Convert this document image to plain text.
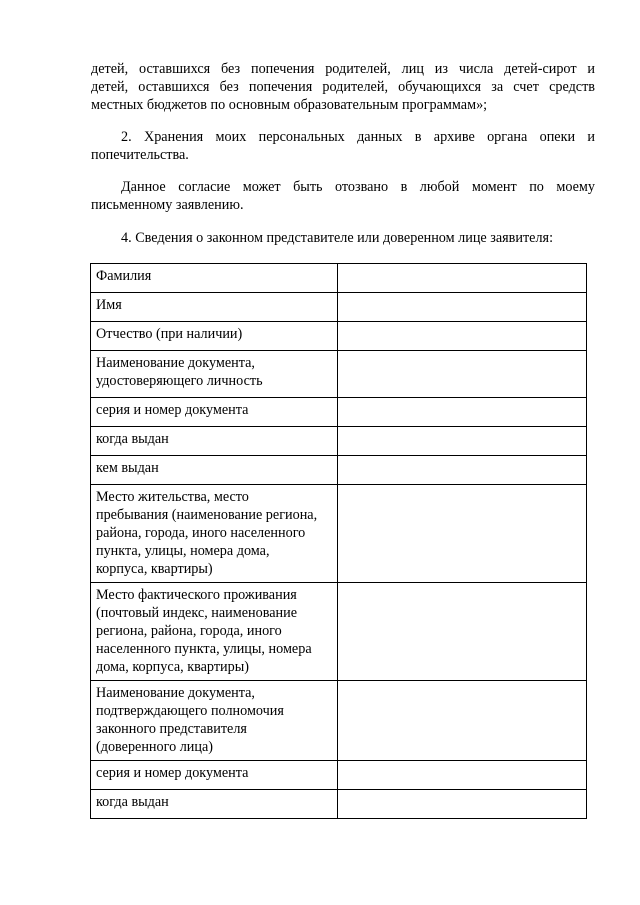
детей, оставшихся без попечения родителей, лиц из числа детей-сирот и
детей, оставшихся без попечения родителей, обучающихся за счет средств
местных бюджетов по основным образовательным программам»;
2. Хранения моих персональных данных в архиве органа опеки и
попечительства.
Данное согласие может быть отозвано в любой момент по моему
письменному заявлению.
4. Сведения о законном представителе или доверенном лице заявителя:
Фамилия	

Имя	

Отчество (при наличии)	

Наименование документа,
удостоверяющего личность	

серия и номер документа	

когда выдан	

кем выдан	

Место жительства, место
пребывания (наименование региона,
района, города, иного населенного
пункта, улицы, номера дома,
корпуса, квартиры)	

Место фактического проживания
(почтовый индекс, наименование
региона, района, города, иного
населенного пункта, улицы, номера
дома, корпуса, квартиры)	

Наименование документа,
подтверждающего полномочия
законного представителя
(доверенного лица)	

серия и номер документа	

когда выдан	
